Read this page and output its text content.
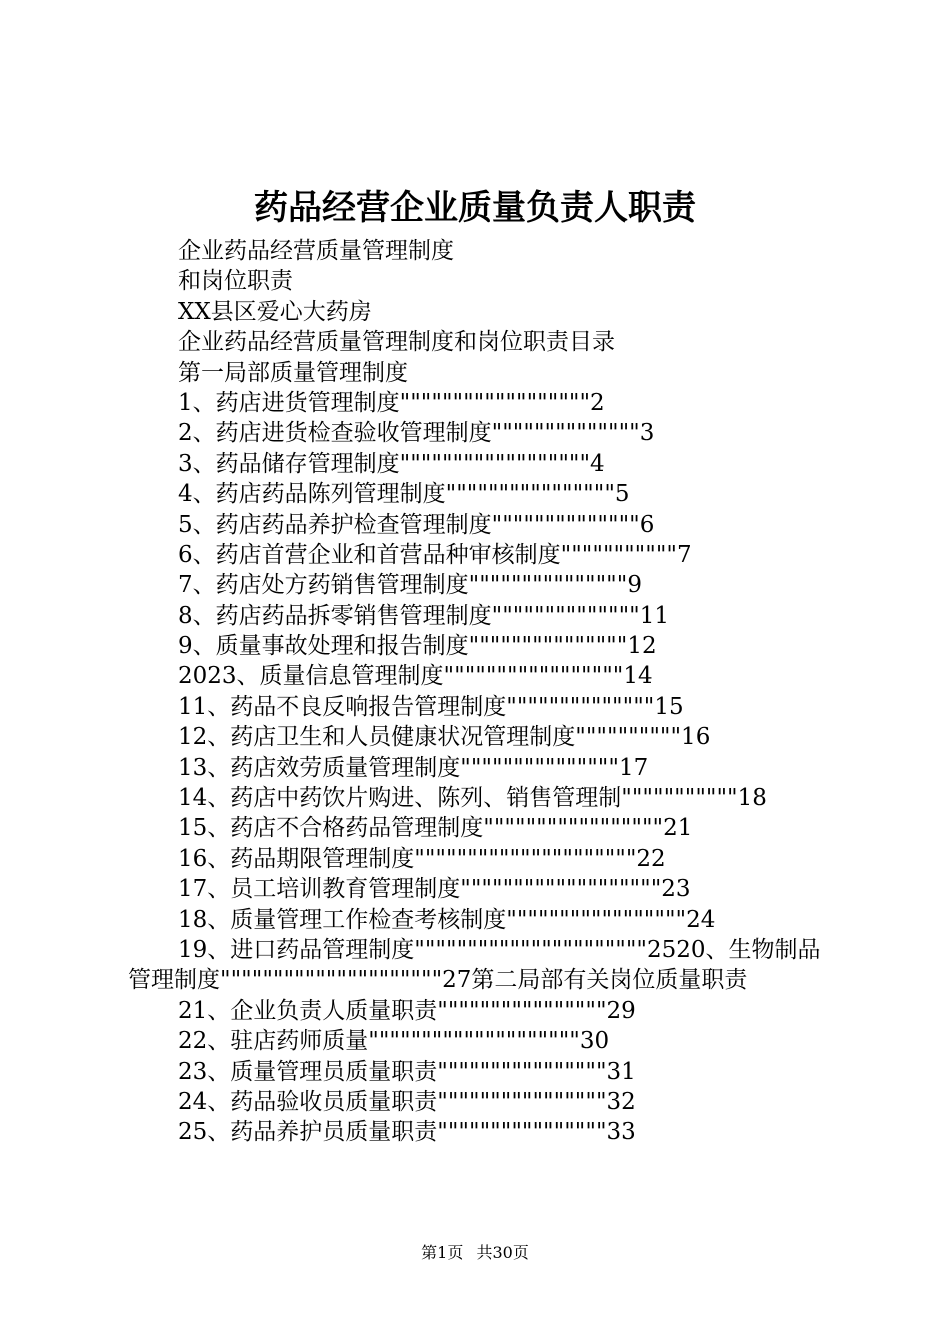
药品经营企业质量负责人职责
企业药品经营质量管理制度
和岗位职责
XX县区爱心大药房
企业药品经营质量管理制度和岗位职责目录
第一局部质量管理制度
1、药店进货管理制度""""""""""""""""""2
2、药店进货检查验收管理制度""""""""""""""3
3、药品储存管理制度""""""""""""""""""4
4、药店药品陈列管理制度""""""""""""""""5
5、药店药品养护检查管理制度""""""""""""""6
6、药店首营企业和首营品种审核制度"""""""""""7
7、药店处方药销售管理制度"""""""""""""""9
8、药店药品拆零销售管理制度""""""""""""""11
9、质量事故处理和报告制度"""""""""""""""12
2023、质量信息管理制度"""""""""""""""""14
11、药品不良反响报告管理制度""""""""""""""15
12、药店卫生和人员健康状况管理制度""""""""""16
13、药店效劳质量管理制度"""""""""""""""17
14、药店中药饮片购进、陈列、销售管理制"""""""""""18
15、药店不合格药品管理制度"""""""""""""""""21
16、药品期限管理制度"""""""""""""""""""""22
17、员工培训教育管理制度"""""""""""""""""""23
18、质量管理工作检查考核制度"""""""""""""""""24
19、进口药品管理制度""""""""""""""""""""""2520、生物制品管理制度"""""""""""""""""""""27第二局部有关岗位质量职责
21、企业负责人质量职责""""""""""""""""29
22、驻店药师质量""""""""""""""""""""30
23、质量管理员质量职责""""""""""""""""31
24、药品验收员质量职责""""""""""""""""32
25、药品养护员质量职责""""""""""""""""33
第1页 共30页
